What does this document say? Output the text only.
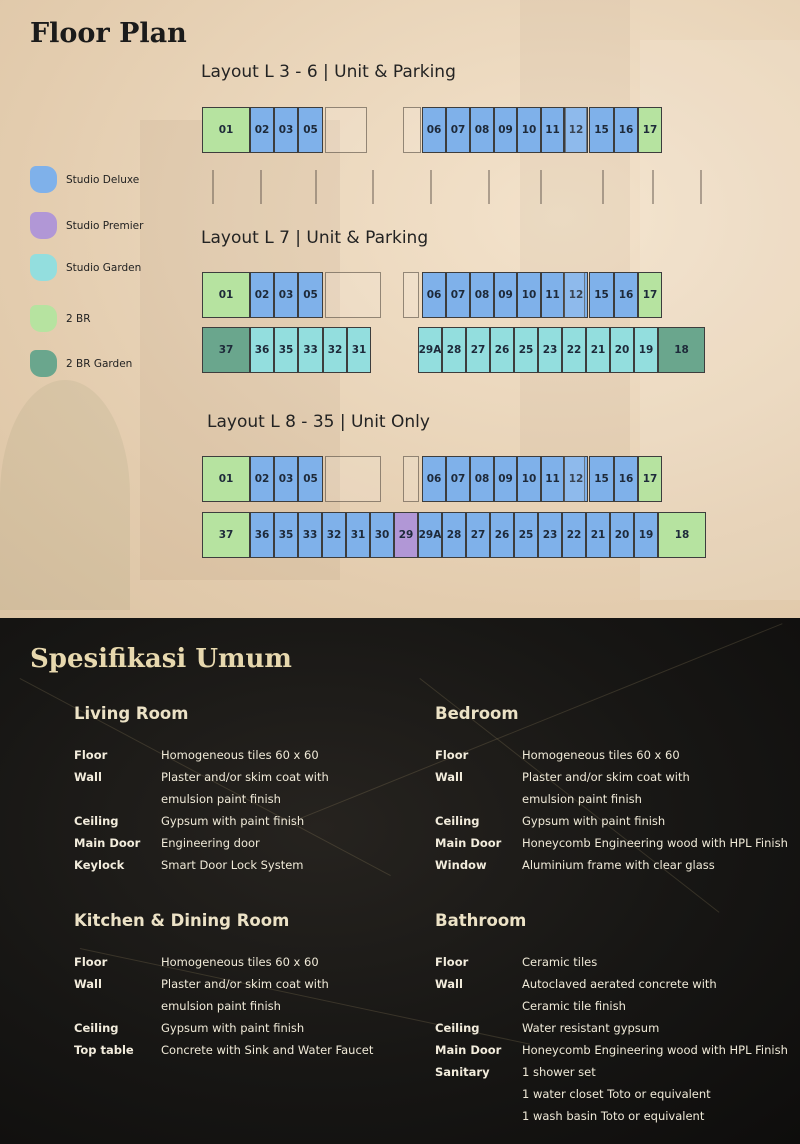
Floor Plan
Studio Deluxe
Studio Premier
Studio Garden
2 BR
2 BR Garden
Layout L 3 - 6 | Unit & Parking
Layout L 7 | Unit & Parking
Layout L 8 - 35 | Unit Only
01	02 03 05	06 07 08 09 10 11 12	15 16 17
01	02 03 05	06 07 08 09 10 11 12	15 16 17
01	02 03 05	06 07 08 09 10 11 12	15 16 17
37	36 35 33 32 31	29A 28 27 26 25 23 22 21 20 19	18
37	36 35 33 32 31 30 29 29A 28 27 26 25 23 22 21 20 19	18
Spesifikasi Umum
Living Room
Floor	Homogeneous tiles 60 x 60
Wall	Plaster and/or skim coat with
emulsion paint finish
Ceiling	Gypsum with paint finish
Main Door	Engineering door
Keylock	Smart Door Lock System
Bedroom
Floor	Homogeneous tiles 60 x 60
Wall	Plaster and/or skim coat with
emulsion paint finish
Ceiling	Gypsum with paint finish
Main Door	Honeycomb Engineering wood with HPL Finish
Window	Aluminium frame with clear glass
Kitchen & Dining Room
Floor	Homogeneous tiles 60 x 60
Wall	Plaster and/or skim coat with
emulsion paint finish
Ceiling	Gypsum with paint finish
Top table	Concrete with Sink and Water Faucet
Bathroom
Floor	Ceramic tiles
Wall	Autoclaved aerated concrete with
Ceramic tile finish
Ceiling	Water resistant gypsum
Main Door	Honeycomb Engineering wood with HPL Finish
Sanitary	1 shower set
1 water closet Toto or equivalent
1 wash basin Toto or equivalent
